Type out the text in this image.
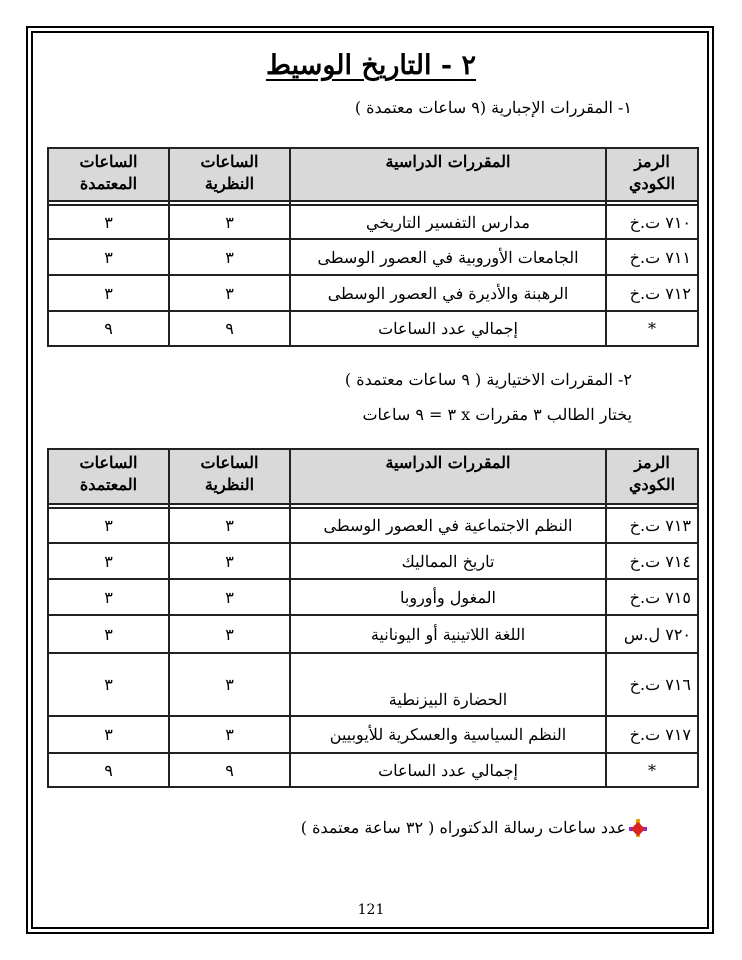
٢ - التاريخ الوسيط
١- المقررات الإجبارية (٩ ساعات معتمدة )
الرمز الكودي	المقررات الدراسية	الساعات النظرية	الساعات المعتمدة

٧١٠ ت.خ	مدارس التفسير التاريخي	٣	٣
٧١١ ت.خ	الجامعات الأوروبية في العصور الوسطى	٣	٣
٧١٢ ت.خ	الرهبنة والأديرة في العصور الوسطى	٣	٣
*	إجمالي عدد الساعات	٩	٩
٢- المقررات الاختيارية ( ٩ ساعات معتمدة )
يختار الطالب ٣ مقررات x ٣ = ٩ ساعات
الرمز الكودي	المقررات الدراسية	الساعات النظرية	الساعات المعتمدة

٧١٣ ت.خ	النظم الاجتماعية في العصور الوسطى	٣	٣
٧١٤ ت.خ	تاريخ المماليك	٣	٣
٧١٥ ت.خ	المغول وأوروبا	٣	٣
٧٢٠ ل.س	اللغة اللاتينية أو اليونانية	٣	٣
٧١٦ ت.خ	الحضارة البيزنطية	٣	٣
٧١٧ ت.خ	النظم السياسية والعسكرية للأيوبيين	٣	٣
*	إجمالي عدد الساعات	٩	٩
عدد ساعات رسالة الدكتوراه ( ٣٢ ساعة معتمدة )
121
